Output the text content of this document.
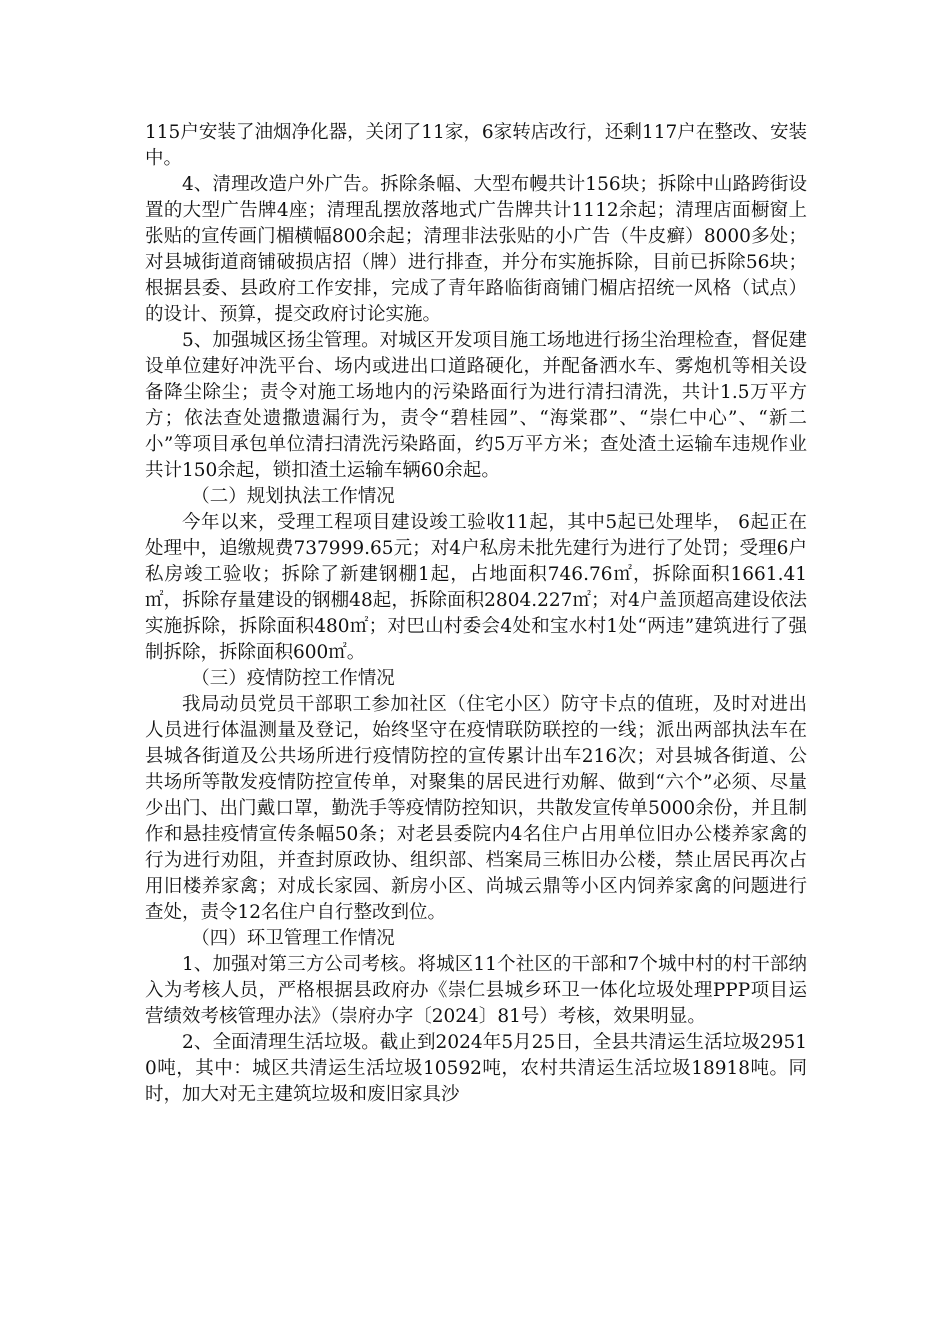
115户安装了油烟净化器，关闭了11家，6家转店改行，还剩117户在整改、安装中。

4、清理改造户外广告。拆除条幅、大型布幔共计156块；拆除中山路跨街设置的大型广告牌4座；清理乱摆放落地式广告牌共计1112余起；清理店面橱窗上张贴的宣传画门楣横幅800余起；清理非法张贴的小广告（牛皮癣）8000多处；对县城街道商铺破损店招（牌）进行排查，并分布实施拆除，目前已拆除56块；根据县委、县政府工作安排，完成了青年路临街商铺门楣店招统一风格（试点）的设计、预算，提交政府讨论实施。

5、加强城区扬尘管理。对城区开发项目施工场地进行扬尘治理检查，督促建设单位建好冲洗平台、场内或进出口道路硬化，并配备洒水车、雾炮机等相关设备降尘除尘；责令对施工场地内的污染路面行为进行清扫清洗，共计1.5万平方方；依法查处遗撒遗漏行为，责令“碧桂园”、“海棠郡”、“崇仁中心”、“新二小”等项目承包单位清扫清洗污染路面，约5万平方米；查处渣土运输车违规作业共计150余起，锁扣渣土运输车辆60余起。

（二）规划执法工作情况

今年以来，受理工程项目建设竣工验收11起，其中5起已处理毕， 6起正在处理中，追缴规费737999.65元；对4户私房未批先建行为进行了处罚；受理6户私房竣工验收；拆除了新建钢棚1起，占地面积746.76㎡，拆除面积1661.41㎡，拆除存量建设的钢棚48起，拆除面积2804.227㎡；对4户盖顶超高建设依法实施拆除，拆除面积480㎡；对巴山村委会4处和宝水村1处“两违”建筑进行了强制拆除，拆除面积600㎡。

（三）疫情防控工作情况

我局动员党员干部职工参加社区（住宅小区）防守卡点的值班，及时对进出人员进行体温测量及登记，始终坚守在疫情联防联控的一线；派出两部执法车在县城各街道及公共场所进行疫情防控的宣传累计出车216次；对县城各街道、公共场所等散发疫情防控宣传单，对聚集的居民进行劝解、做到“六个”必须、尽量少出门、出门戴口罩，勤洗手等疫情防控知识，共散发宣传单5000余份，并且制作和悬挂疫情宣传条幅50条；对老县委院内4名住户占用单位旧办公楼养家禽的行为进行劝阻，并查封原政协、组织部、档案局三栋旧办公楼，禁止居民再次占用旧楼养家禽；对成长家园、新房小区、尚城云鼎等小区内饲养家禽的问题进行查处，责令12名住户自行整改到位。

（四）环卫管理工作情况

1、加强对第三方公司考核。将城区11个社区的干部和7个城中村的村干部纳入为考核人员，严格根据县政府办《崇仁县城乡环卫一体化垃圾处理PPP项目运营绩效考核管理办法》（崇府办字〔2024〕81号）考核，效果明显。

2、全面清理生活垃圾。截止到2024年5月25日，全县共清运生活垃圾29510吨，其中：城区共清运生活垃圾10592吨，农村共清运生活垃圾18918吨。同时，加大对无主建筑垃圾和废旧家具沙
